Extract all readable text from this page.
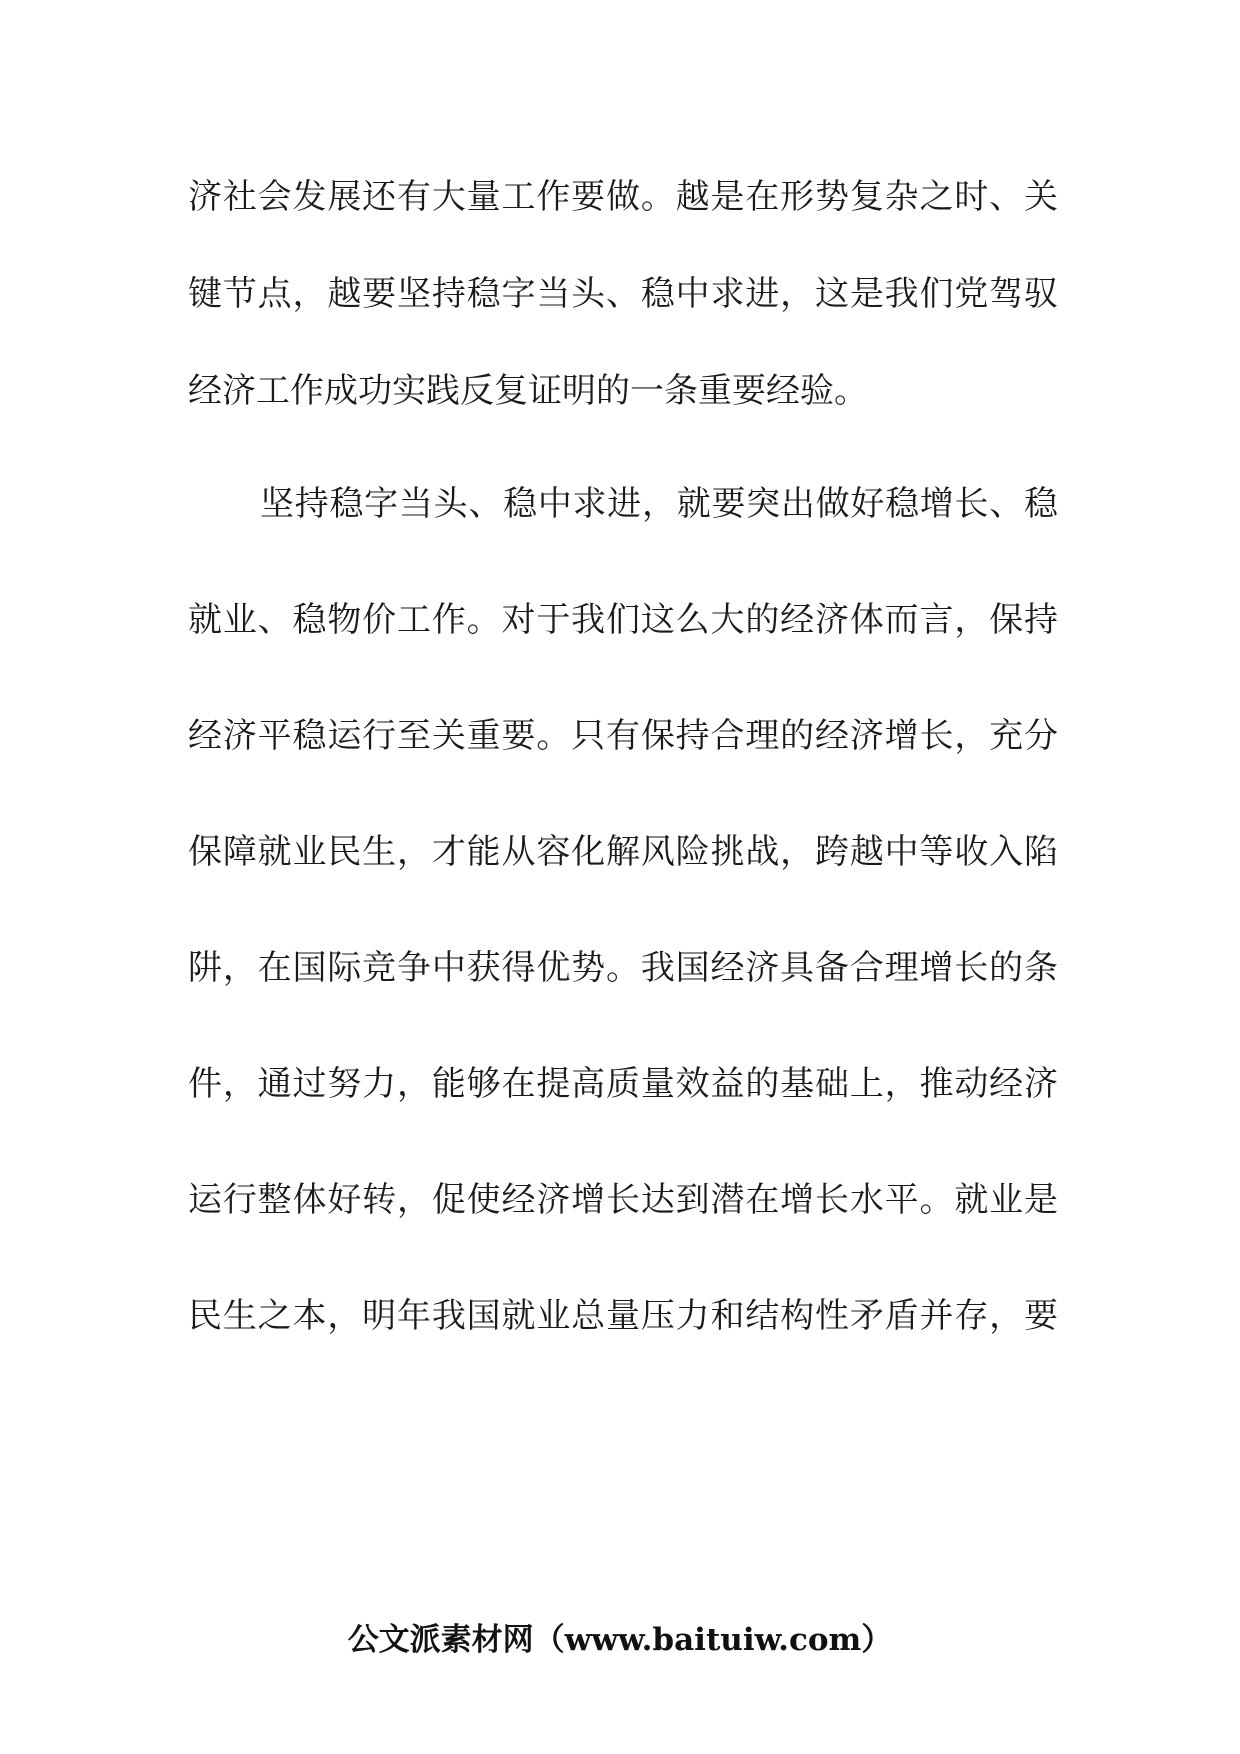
济社会发展还有大量工作要做。越是在形势复杂之时、关
键节点，越要坚持稳字当头、稳中求进，这是我们党驾驭
经济工作成功实践反复证明的一条重要经验。
坚持稳字当头、稳中求进，就要突出做好稳增长、稳
就业、稳物价工作。对于我们这么大的经济体而言，保持
经济平稳运行至关重要。只有保持合理的经济增长，充分
保障就业民生，才能从容化解风险挑战，跨越中等收入陷
阱，在国际竞争中获得优势。我国经济具备合理增长的条
件，通过努力，能够在提高质量效益的基础上，推动经济
运行整体好转，促使经济增长达到潜在增长水平。就业是
民生之本，明年我国就业总量压力和结构性矛盾并存，要
公文派素材网（www.baituiw.com）
